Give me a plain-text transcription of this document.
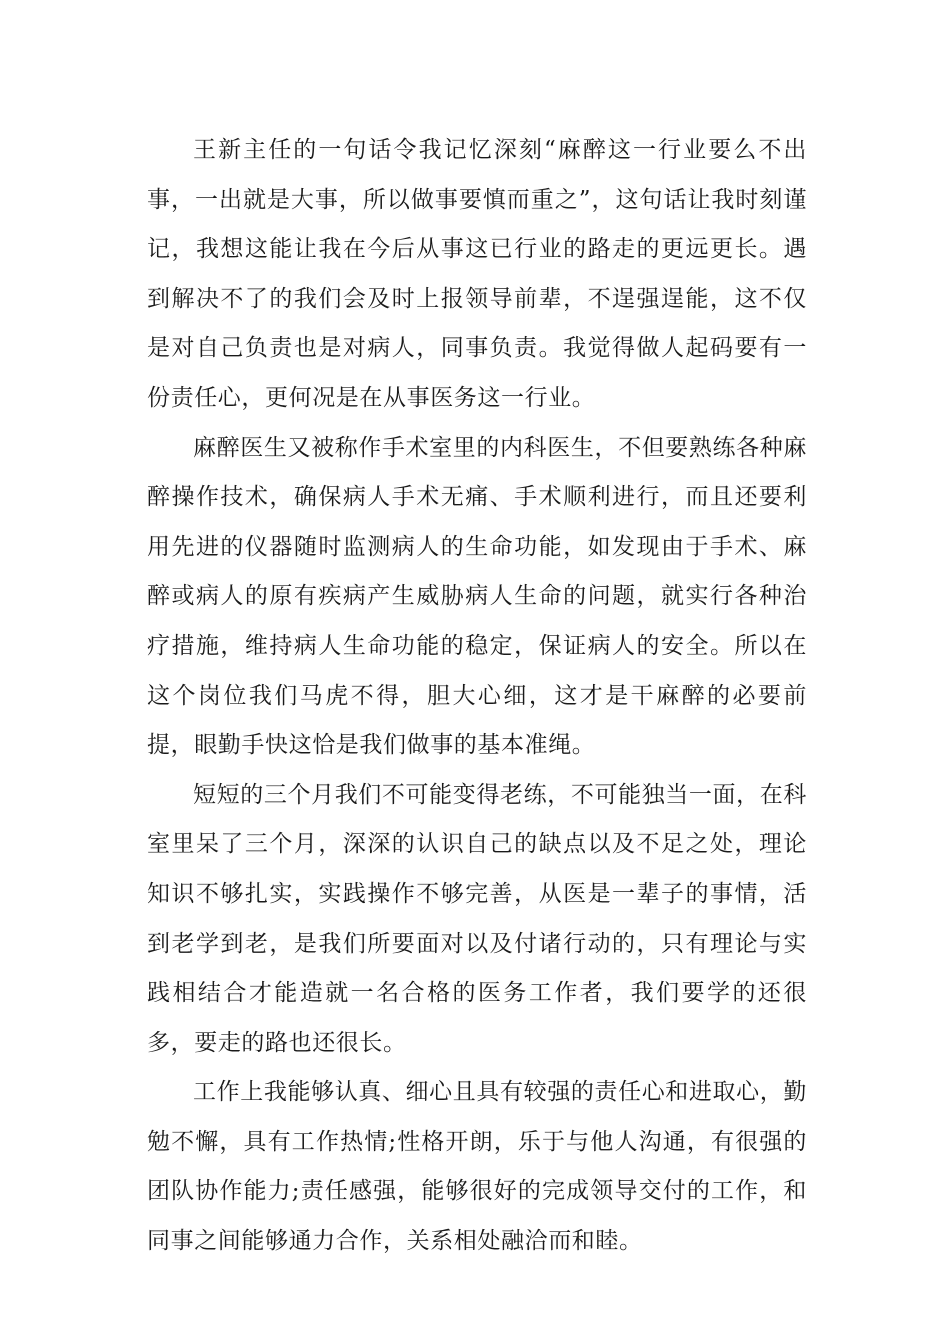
王新主任的一句话令我记忆深刻“麻醉这一行业要么不出事，一出就是大事，所以做事要慎而重之”，这句话让我时刻谨记，我想这能让我在今后从事这已行业的路走的更远更长。遇到解决不了的我们会及时上报领导前辈，不逞强逞能，这不仅是对自己负责也是对病人，同事负责。我觉得做人起码要有一份责任心，更何况是在从事医务这一行业。

麻醉医生又被称作手术室里的内科医生，不但要熟练各种麻醉操作技术，确保病人手术无痛、手术顺利进行，而且还要利用先进的仪器随时监测病人的生命功能，如发现由于手术、麻醉或病人的原有疾病产生威胁病人生命的问题，就实行各种治疗措施，维持病人生命功能的稳定，保证病人的安全。所以在这个岗位我们马虎不得，胆大心细，这才是干麻醉的必要前提，眼勤手快这恰是我们做事的基本准绳。

短短的三个月我们不可能变得老练，不可能独当一面，在科室里呆了三个月，深深的认识自己的缺点以及不足之处，理论知识不够扎实，实践操作不够完善，从医是一辈子的事情，活到老学到老，是我们所要面对以及付诸行动的，只有理论与实践相结合才能造就一名合格的医务工作者，我们要学的还很多，要走的路也还很长。

工作上我能够认真、细心且具有较强的责任心和进取心，勤勉不懈，具有工作热情;性格开朗，乐于与他人沟通，有很强的团队协作能力;责任感强，能够很好的完成领导交付的工作，和同事之间能够通力合作，关系相处融洽而和睦。
